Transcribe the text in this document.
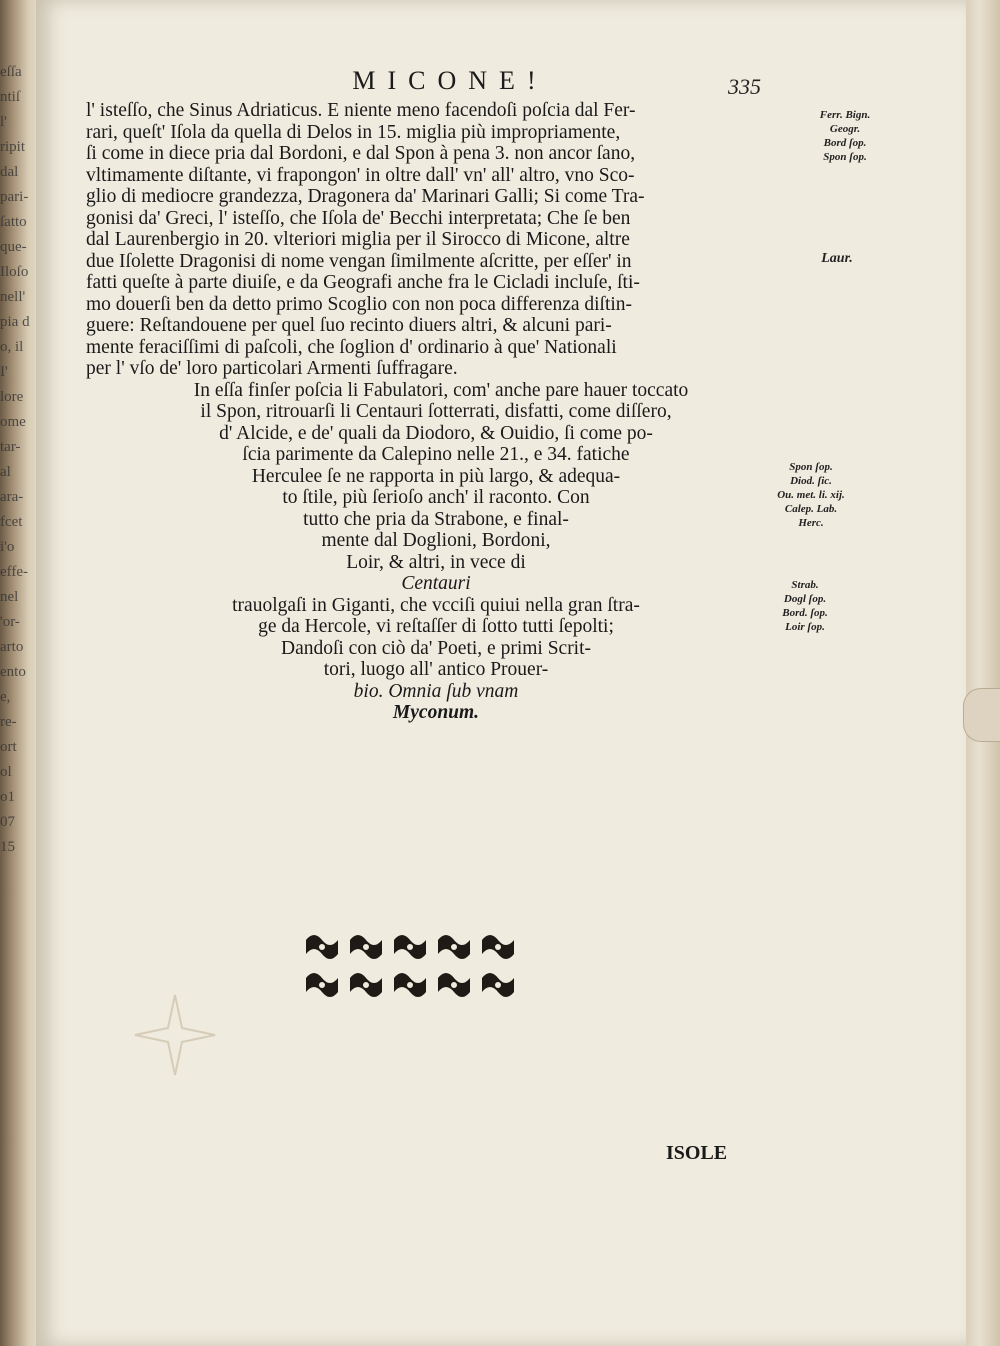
eſſa
ntiſ
l'
ripit
dal
pari-
ſatto
que-
Iloſo
nell'
pia d
o, il
I'
lore
ome
tar-
al
ara-
fcet
i'o
effe-
nel
'or-
arto
ento
e,
re-
ort
ol
o1
07
15
MICONE!	335
l' isteſſo, che Sinus Adriaticus. E niente meno facendoſi poſcia dal Fer-
rari, queſt' Iſola da quella di Delos in 15. miglia più impropriamente,
ſi come in diece pria dal Bordoni, e dal Spon à pena 3. non ancor ſano,
vltimamente diſtante, vi frapongon' in oltre dall' vn' all' altro, vno Sco-
glio di mediocre grandezza, Dragonera da' Marinari Galli; Si come Tra-
gonisi da' Greci, l' isteſſo, che Iſola de' Becchi interpretata; Che ſe ben
dal Laurenbergio in 20. vlteriori miglia per il Sirocco di Micone, altre
due Iſolette Dragonisi di nome vengan ſimilmente aſcritte, per eſſer' in
fatti queſte à parte diuiſe, e da Geografi anche fra le Cicladi incluſe, ſti-
mo douerſi ben da detto primo Scoglio con non poca differenza diſtin-
guere: Reſtandouene per quel ſuo recinto diuers altri, & alcuni pari-
mente feraciſſimi di paſcoli, che ſoglion d' ordinario à que' Nationali
per l' vſo de' loro particolari Armenti ſuffragare.
In eſſa finſer poſcia li Fabulatori, com' anche pare hauer toccato
il Spon, ritrouarſi li Centauri ſotterrati, disfatti, come diſſero,
d' Alcide, e de' quali da Diodoro, & Ouidio, ſi come po-
ſcia parimente da Calepino nelle 21., e 34. fatiche
Herculee ſe ne rapporta in più largo, & adequa-
to ſtile, più ſerioſo anch' il raconto. Con
tutto che pria da Strabone, e final-
mente dal Doglioni, Bordoni,
Loir, & altri, in vece di
Centauri
trauolgaſi in Giganti, che vcciſi quiui nella gran ſtra-
ge da Hercole, vi reſtaſſer di ſotto tutti ſepolti;
Dandoſi con ciò da' Poeti, e primi Scrit-
tori, luogo all' antico Prouer-
bio. Omnia ſub vnam
Myconum.
Ferr. Bign.
Geogr.
Bord ſop.
Spon ſop.
Laur.
Spon ſop.
Diod. ſic.
Ou. met. li. xij.
Calep. Lab.
Herc.
Strab.
Dogl ſop.
Bord. ſop.
Loir ſop.
ISOLE
